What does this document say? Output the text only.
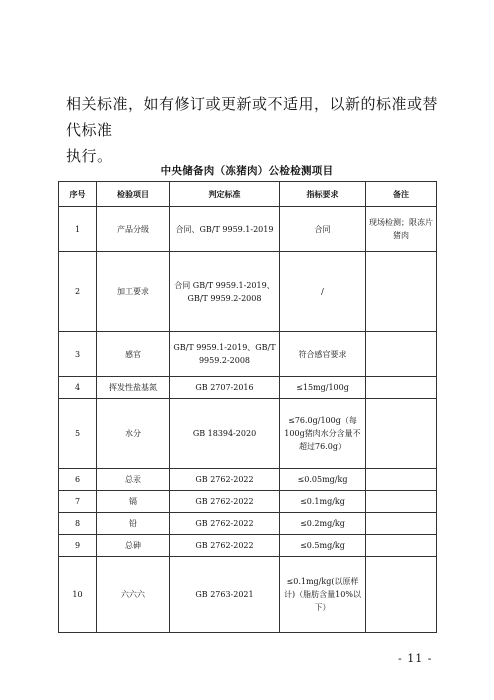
相关标准，如有修订或更新或不适用，以新的标准或替代标准
执行。
中央储备肉（冻猪肉）公检检测项目
序号	检验项目	判定标准	指标要求	备注
1	产品分级	合同、GB/T 9959.1-2019	合同	现场检测；限冻片猪肉
2	加工要求	合同 GB/T 9959.1-2019、GB/T 9959.2-2008	/	
3	感官	GB/T 9959.1-2019、GB/T 9959.2-2008	符合感官要求	
4	挥发性盐基氮	GB 2707-2016	≤15mg/100g	
5	水分	GB 18394-2020	≤76.0g/100g（每100g猪肉水分含量不超过76.0g）	
6	总汞	GB 2762-2022	≤0.05mg/kg	
7	镉	GB 2762-2022	≤0.1mg/kg	
8	铅	GB 2762-2022	≤0.2mg/kg	
9	总砷	GB 2762-2022	≤0.5mg/kg	
10	六六六	GB 2763-2021	≤0.1mg/kg(以原样计)（脂肪含量10%以下）	
- 11 -
